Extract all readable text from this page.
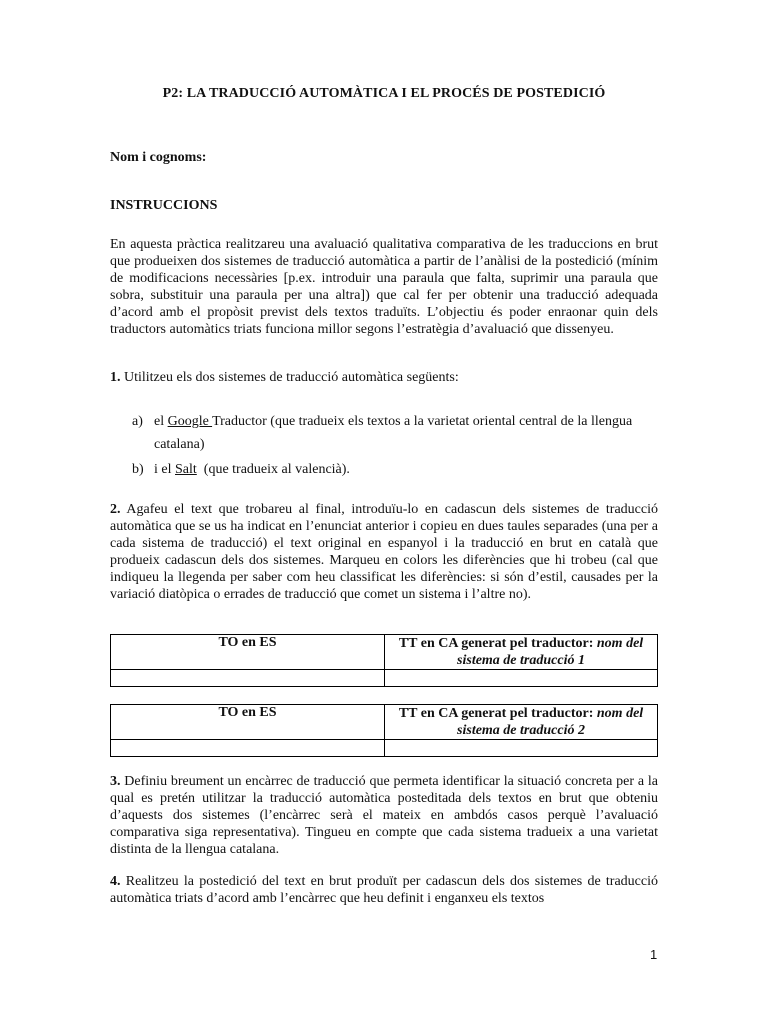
P2: LA TRADUCCIÓ AUTOMÀTICA I EL PROCÉS DE POSTEDICIÓ
Nom i cognoms:
INSTRUCCIONS
En aquesta pràctica realitzareu una avaluació qualitativa comparativa de les traduccions en brut que produeixen dos sistemes de traducció automàtica a partir de l’anàlisi de la postedició (mínim de modificacions necessàries [p.ex. introduir una paraula que falta, suprimir una paraula que sobra, substituir una paraula per una altra]) que cal fer per obtenir una traducció adequada d’acord amb el propòsit previst dels textos traduïts. L’objectiu és poder enraonar quin dels traductors automàtics triats funciona millor segons l’estratègia d’avaluació que dissenyeu.
1. Utilitzeu els dos sistemes de traducció automàtica següents:
a) el Google Traductor (que tradueix els textos a la varietat oriental central de la llengua catalana)
b) i el Salt  (que tradueix al valencià).
2. Agafeu el text que trobareu al final, introduïu-lo en cadascun dels sistemes de traducció automàtica que se us ha indicat en l’enunciat anterior i copieu en dues taules separades (una per a cada sistema de traducció) el text original en espanyol i la traducció en brut en català que produeix cadascun dels dos sistemes. Marqueu en colors les diferències que hi trobeu (cal que indiqueu la llegenda per saber com heu classificat les diferències: si són d’estil, causades per la variació diatòpica o errades de traducció que comet un sistema i l’altre no).
TO en ES	TT en CA generat pel traductor: nom del sistema de traducció 1

TO en ES	TT en CA generat pel traductor: nom del sistema de traducció 2

3. Definiu breument un encàrrec de traducció que permeta identificar la situació concreta per a la qual es pretén utilitzar la traducció automàtica posteditada dels textos en brut que obteniu d’aquests dos sistemes (l’encàrrec serà el mateix en ambdós casos perquè l’avaluació comparativa siga representativa). Tingueu en compte que cada sistema tradueix a una varietat distinta de la llengua catalana.
4. Realitzeu la postedició del text en brut produït per cadascun dels dos sistemes de traducció automàtica triats d’acord amb l’encàrrec que heu definit i enganxeu els textos
1
